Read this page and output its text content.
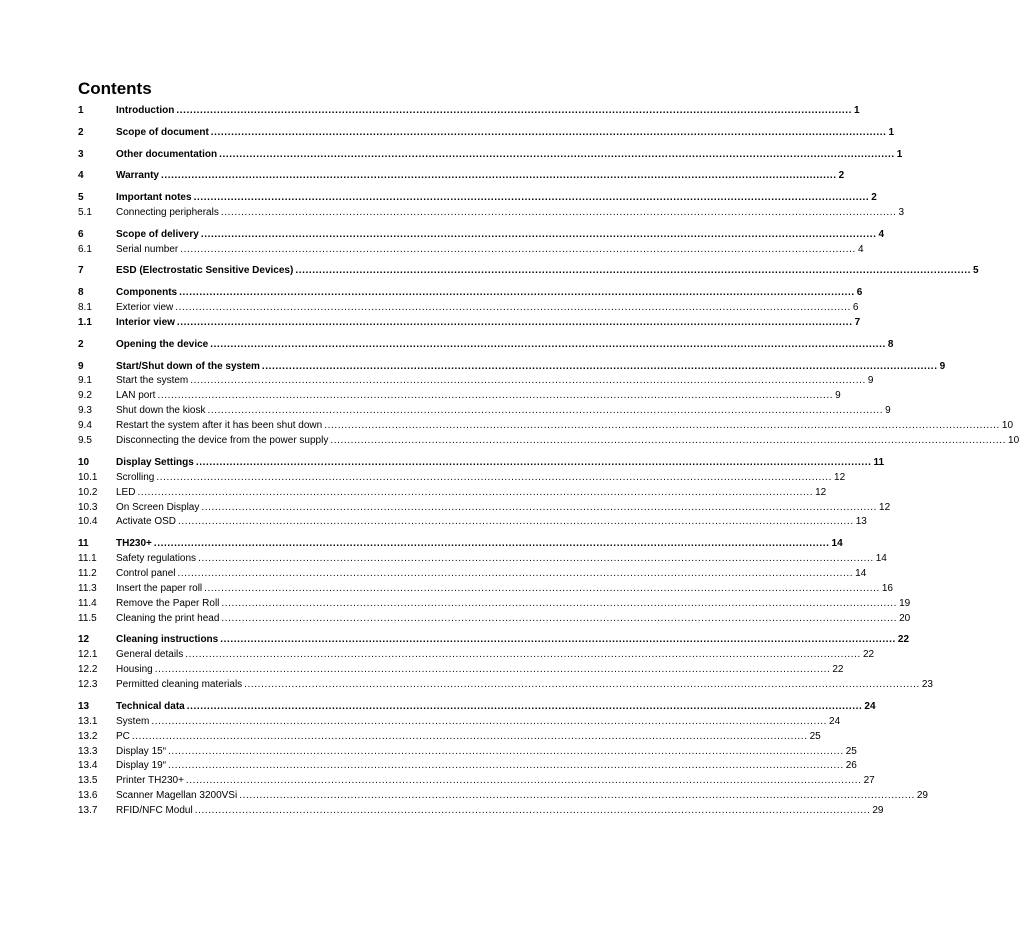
Contents
1	Introduction ........................................................................................................................................................................................................ 1
2	Scope of document ........................................................................................................................................................................................................ 1
3	Other documentation ........................................................................................................................................................................................................ 1
4	Warranty ........................................................................................................................................................................................................ 2
5	Important notes ........................................................................................................................................................................................................ 2
5.1	Connecting peripherals ........................................................................................................................................................................................................ 3
6	Scope of delivery ........................................................................................................................................................................................................ 4
6.1	Serial number ........................................................................................................................................................................................................ 4
7	ESD (Electrostatic Sensitive Devices) ........................................................................................................................................................................................................ 5
8	Components ........................................................................................................................................................................................................ 6
8.1	Exterior view ........................................................................................................................................................................................................ 6
1.1	Interior view ........................................................................................................................................................................................................ 7
2	Opening the device ........................................................................................................................................................................................................ 8
9	Start/Shut down of the system ........................................................................................................................................................................................................ 9
9.1	Start the system ........................................................................................................................................................................................................ 9
9.2	LAN port ........................................................................................................................................................................................................ 9
9.3	Shut down the kiosk ........................................................................................................................................................................................................ 9
9.4	Restart the system after it has been shut down ........................................................................................................................................................................................................ 10
9.5	Disconnecting the device from the power supply ........................................................................................................................................................................................................ 10
10	Display Settings ........................................................................................................................................................................................................ 11
10.1	Scrolling ........................................................................................................................................................................................................ 12
10.2	LED ........................................................................................................................................................................................................ 12
10.3	On Screen Display ........................................................................................................................................................................................................ 12
10.4	Activate OSD ........................................................................................................................................................................................................ 13
11	TH230+ ........................................................................................................................................................................................................ 14
11.1	Safety regulations ........................................................................................................................................................................................................ 14
11.2	Control panel ........................................................................................................................................................................................................ 14
11.3	Insert the paper roll ........................................................................................................................................................................................................ 16
11.4	Remove the Paper Roll ........................................................................................................................................................................................................ 19
11.5	Cleaning the print head ........................................................................................................................................................................................................ 20
12	Cleaning instructions ........................................................................................................................................................................................................ 22
12.1	General details ........................................................................................................................................................................................................ 22
12.2	Housing ........................................................................................................................................................................................................ 22
12.3	Permitted cleaning materials ........................................................................................................................................................................................................ 23
13	Technical data ........................................................................................................................................................................................................ 24
13.1	System ........................................................................................................................................................................................................ 24
13.2	PC ........................................................................................................................................................................................................ 25
13.3	Display 15“ ........................................................................................................................................................................................................ 25
13.4	Display 19“ ........................................................................................................................................................................................................ 26
13.5	Printer TH230+ ........................................................................................................................................................................................................ 27
13.6	Scanner Magellan 3200VSi ........................................................................................................................................................................................................ 29
13.7	RFID/NFC Modul ........................................................................................................................................................................................................ 29
